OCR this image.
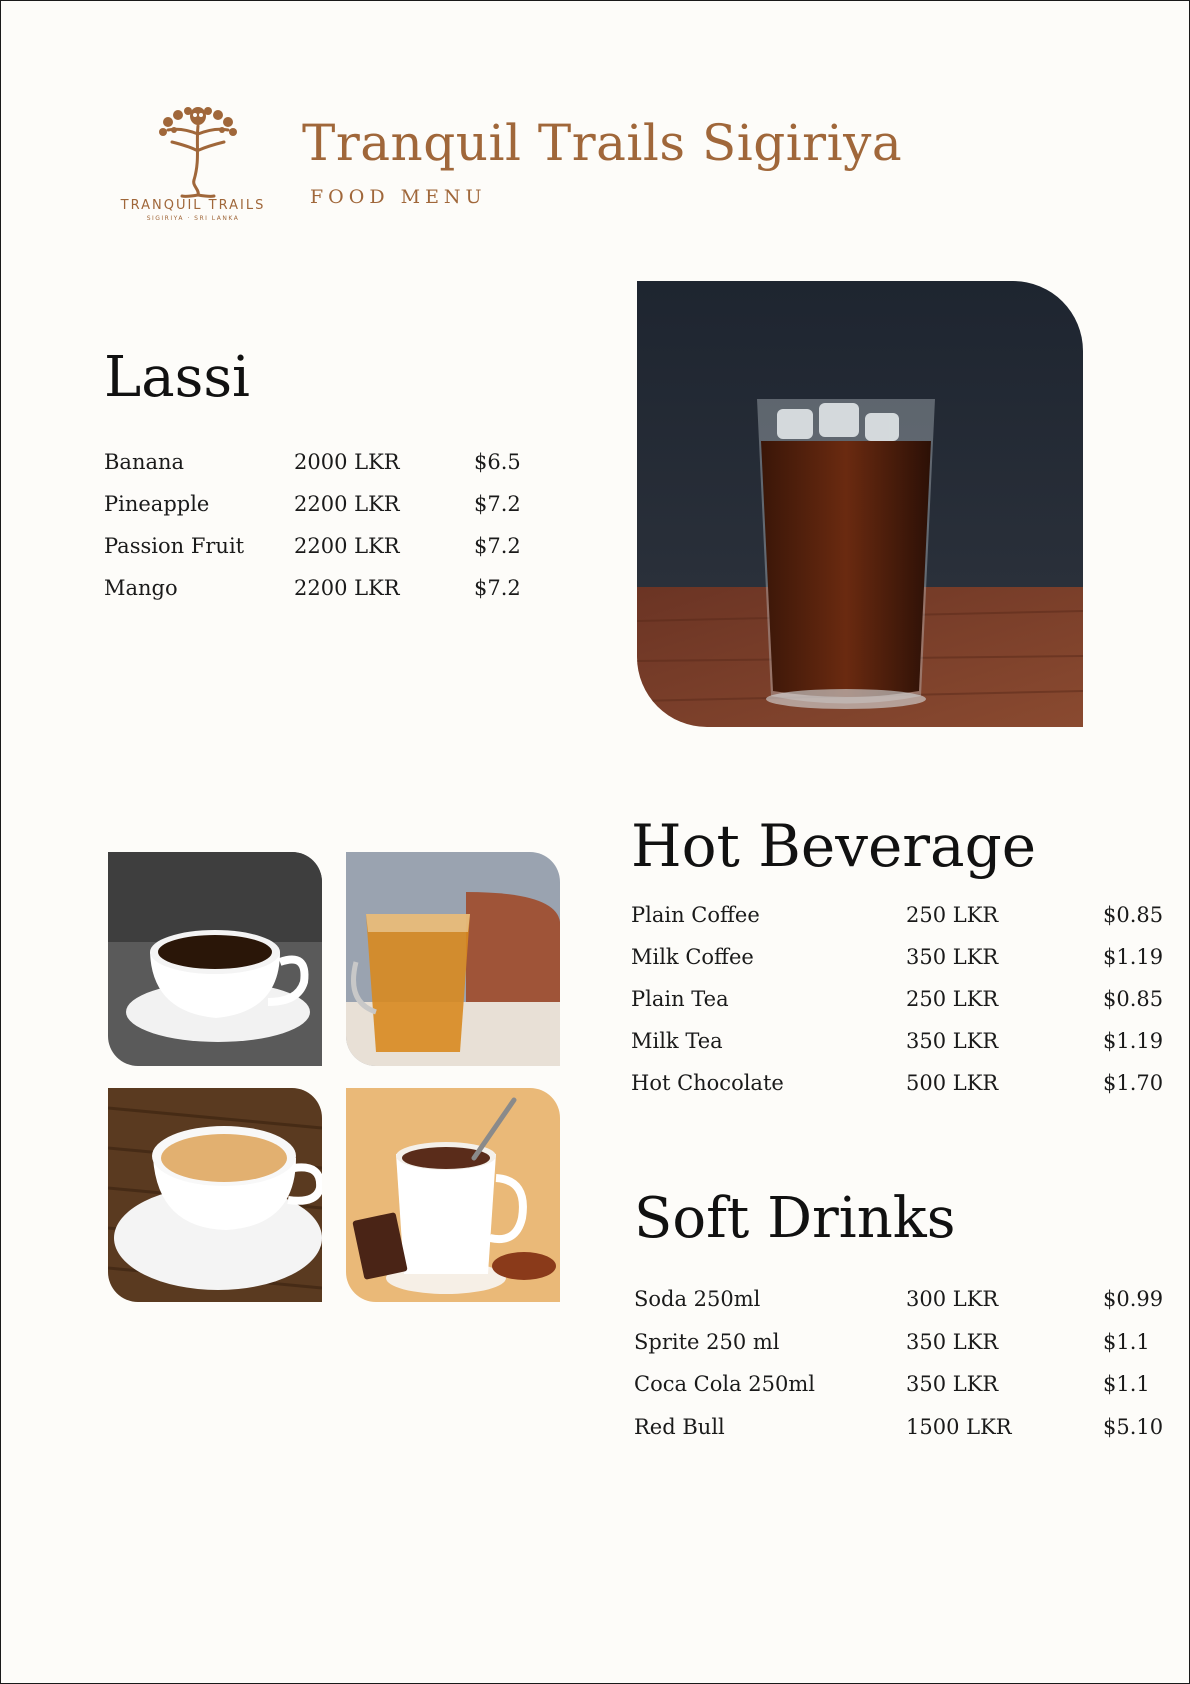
TRANQUIL TRAILS
SIGIRIYA · SRI LANKA
Tranquil Trails Sigiriya
FOOD MENU
Lassi
Banana	2000 LKR	$6.5
Pineapple	2200 LKR	$7.2
Passion Fruit 2200 LKR	$7.2
Mango	2200 LKR	$7.2
Hot Beverage
Plain Coffee	250 LKR	$0.85
Milk Coffee	350 LKR	$1.19
Plain Tea	250 LKR	$0.85
Milk Tea	350 LKR	$1.19
Hot Chocolate	500 LKR	$1.70
Soft Drinks
Soda 250ml	300 LKR	$0.99
Sprite 250 ml	350 LKR	$1.1
Coca Cola 250ml	350 LKR	$1.1
Red Bull	1500 LKR	$5.10
